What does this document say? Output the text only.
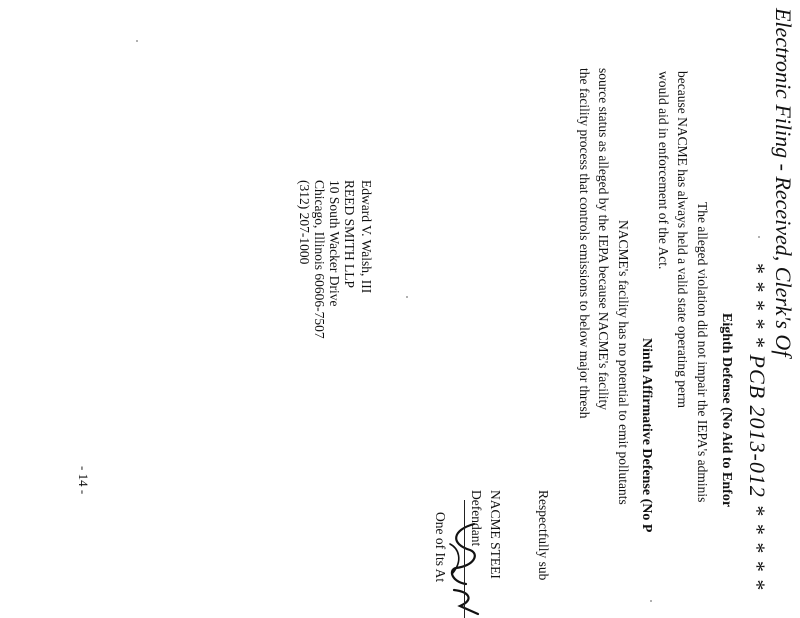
Electronic Filing - Received, Clerk's Of
* * * * * PCB 2013-012 * * * * *
Eighth Defense (No Aid to Enfor
The alleged violation did not impair the IEPA's adminis
because NACME has always held a valid state operating perm
would aid in enforcement of the Act.
Ninth Affirmative Defense (No P
NACME's facility has no potential to emit pollutants
source status as alleged by the IEPA because NACME's facility
the facility process that controls emissions to below major thresh
Respectfully sub
NACME STEEI
Defendant
One of Its At
Edward V. Walsh, III
REED SMITH LLP
10 South Wacker Drive
Chicago, Illinois 60606-7507
(312) 207-1000
- 14 -
